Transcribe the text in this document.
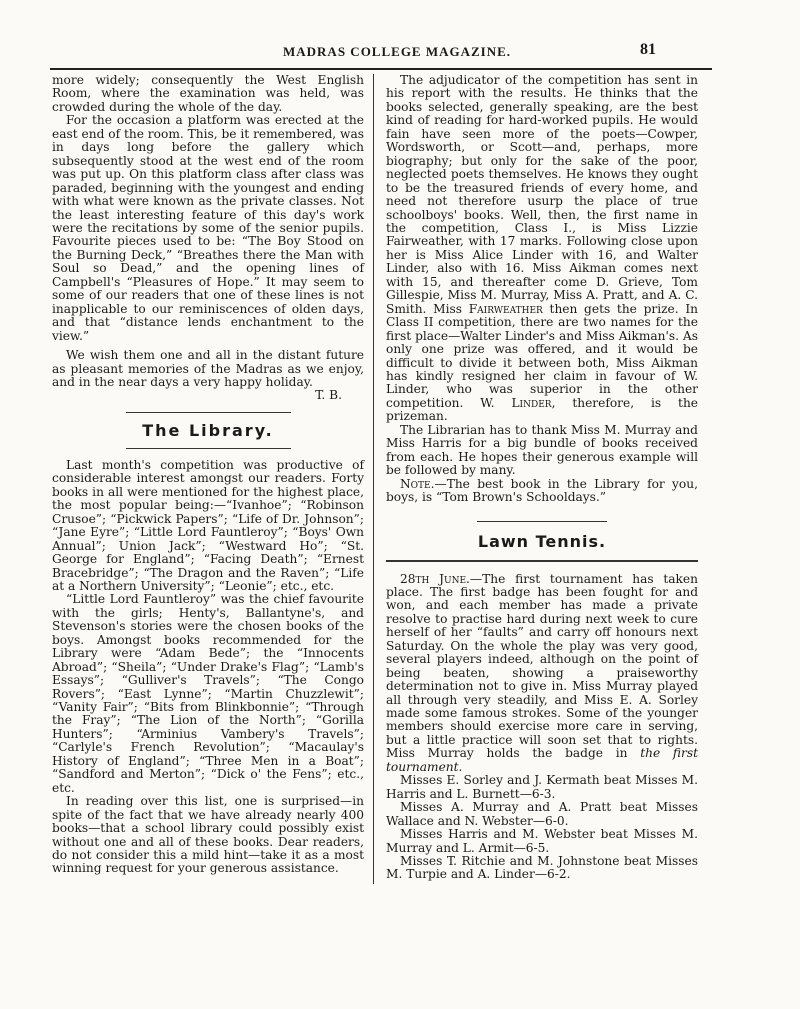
MADRAS COLLEGE MAGAZINE.	81

more widely; consequently the West English Room, where the examination was held, was crowded during the whole of the day.

For the occasion a platform was erected at the east end of the room. This, be it remembered, was in days long before the gallery which subsequently stood at the west end of the room was put up. On this platform class after class was paraded, beginning with the youngest and ending with what were known as the private classes. Not the least interesting feature of this day's work were the recitations by some of the senior pupils. Favourite pieces used to be: “The Boy Stood on the Burning Deck,” “Breathes there the Man with Soul so Dead,” and the opening lines of Campbell's “Pleasures of Hope.” It may seem to some of our readers that one of these lines is not inapplicable to our reminiscences of olden days, and that “distance lends enchantment to the view.”

We wish them one and all in the distant future as pleasant memories of the Madras as we enjoy, and in the near days a very happy holiday.

T. B.
The Library.

Last month's competition was productive of considerable interest amongst our readers. Forty books in all were mentioned for the highest place, the most popular being:—“Ivanhoe”; “Robinson Crusoe”; “Pickwick Papers”; “Life of Dr. Johnson”; “Jane Eyre”; “Little Lord Fauntleroy”; “Boys' Own Annual”; Union Jack”; “Westward Ho”; “St. George for England”; “Facing Death”; “Ernest Bracebridge”; “The Dragon and the Raven”; “Life at a Northern University”; “Leonie”; etc., etc.

“Little Lord Fauntleroy” was the chief favourite with the girls; Henty's, Ballantyne's, and Stevenson's stories were the chosen books of the boys. Amongst books recommended for the Library were “Adam Bede”; the “Innocents Abroad”; “Sheila”; “Under Drake's Flag”; “Lamb's Essays”; “Gulliver's Travels”; “The Congo Rovers”; “East Lynne”; “Martin Chuzzlewit”; “Vanity Fair”; “Bits from Blinkbonnie”; “Through the Fray”; “The Lion of the North”; “Gorilla Hunters”; “Arminius Vambery's Travels”; “Carlyle's French Revolution”; “Macaulay's History of England”; “Three Men in a Boat”; “Sandford and Merton”; “Dick o' the Fens”; etc., etc.

In reading over this list, one is surprised—in spite of the fact that we have already nearly 400 books—that a school library could possibly exist without one and all of these books. Dear readers, do not consider this a mild hint—take it as a most winning request for your generous assistance.

The adjudicator of the competition has sent in his report with the results. He thinks that the books selected, generally speaking, are the best kind of reading for hard-worked pupils. He would fain have seen more of the poets—Cowper, Wordsworth, or Scott—and, perhaps, more biography; but only for the sake of the poor, neglected poets themselves. He knows they ought to be the treasured friends of every home, and need not therefore usurp the place of true schoolboys' books. Well, then, the first name in the competition, Class I., is Miss Lizzie Fairweather, with 17 marks. Following close upon her is Miss Alice Linder with 16, and Walter Linder, also with 16. Miss Aikman comes next with 15, and thereafter come D. Grieve, Tom Gillespie, Miss M. Murray, Miss A. Pratt, and A. C. Smith. Miss Fairweather then gets the prize. In Class II competition, there are two names for the first place—Walter Linder's and Miss Aikman's. As only one prize was offered, and it would be difficult to divide it between both, Miss Aikman has kindly resigned her claim in favour of W. Linder, who was superior in the other competition. W. Linder, therefore, is the prizeman.

The Librarian has to thank Miss M. Murray and Miss Harris for a big bundle of books received from each. He hopes their generous example will be followed by many.

Note.—The best book in the Library for you, boys, is “Tom Brown's Schooldays.”

Lawn Tennis.

28th June.—The first tournament has taken place. The first badge has been fought for and won, and each member has made a private resolve to practise hard during next week to cure herself of her “faults” and carry off honours next Saturday. On the whole the play was very good, several players indeed, although on the point of being beaten, showing a praiseworthy determination not to give in. Miss Murray played all through very steadily, and Miss E. A. Sorley made some famous strokes. Some of the younger members should exercise more care in serving, but a little practice will soon set that to rights. Miss Murray holds the badge in the first tournament.

Misses E. Sorley and J. Kermath beat Misses M. Harris and L. Burnett—6-3.

Misses A. Murray and A. Pratt beat Misses Wallace and N. Webster—6-0.

Misses Harris and M. Webster beat Misses M. Murray and L. Armit—6-5.

Misses T. Ritchie and M. Johnstone beat Misses M. Turpie and A. Linder—6-2.
